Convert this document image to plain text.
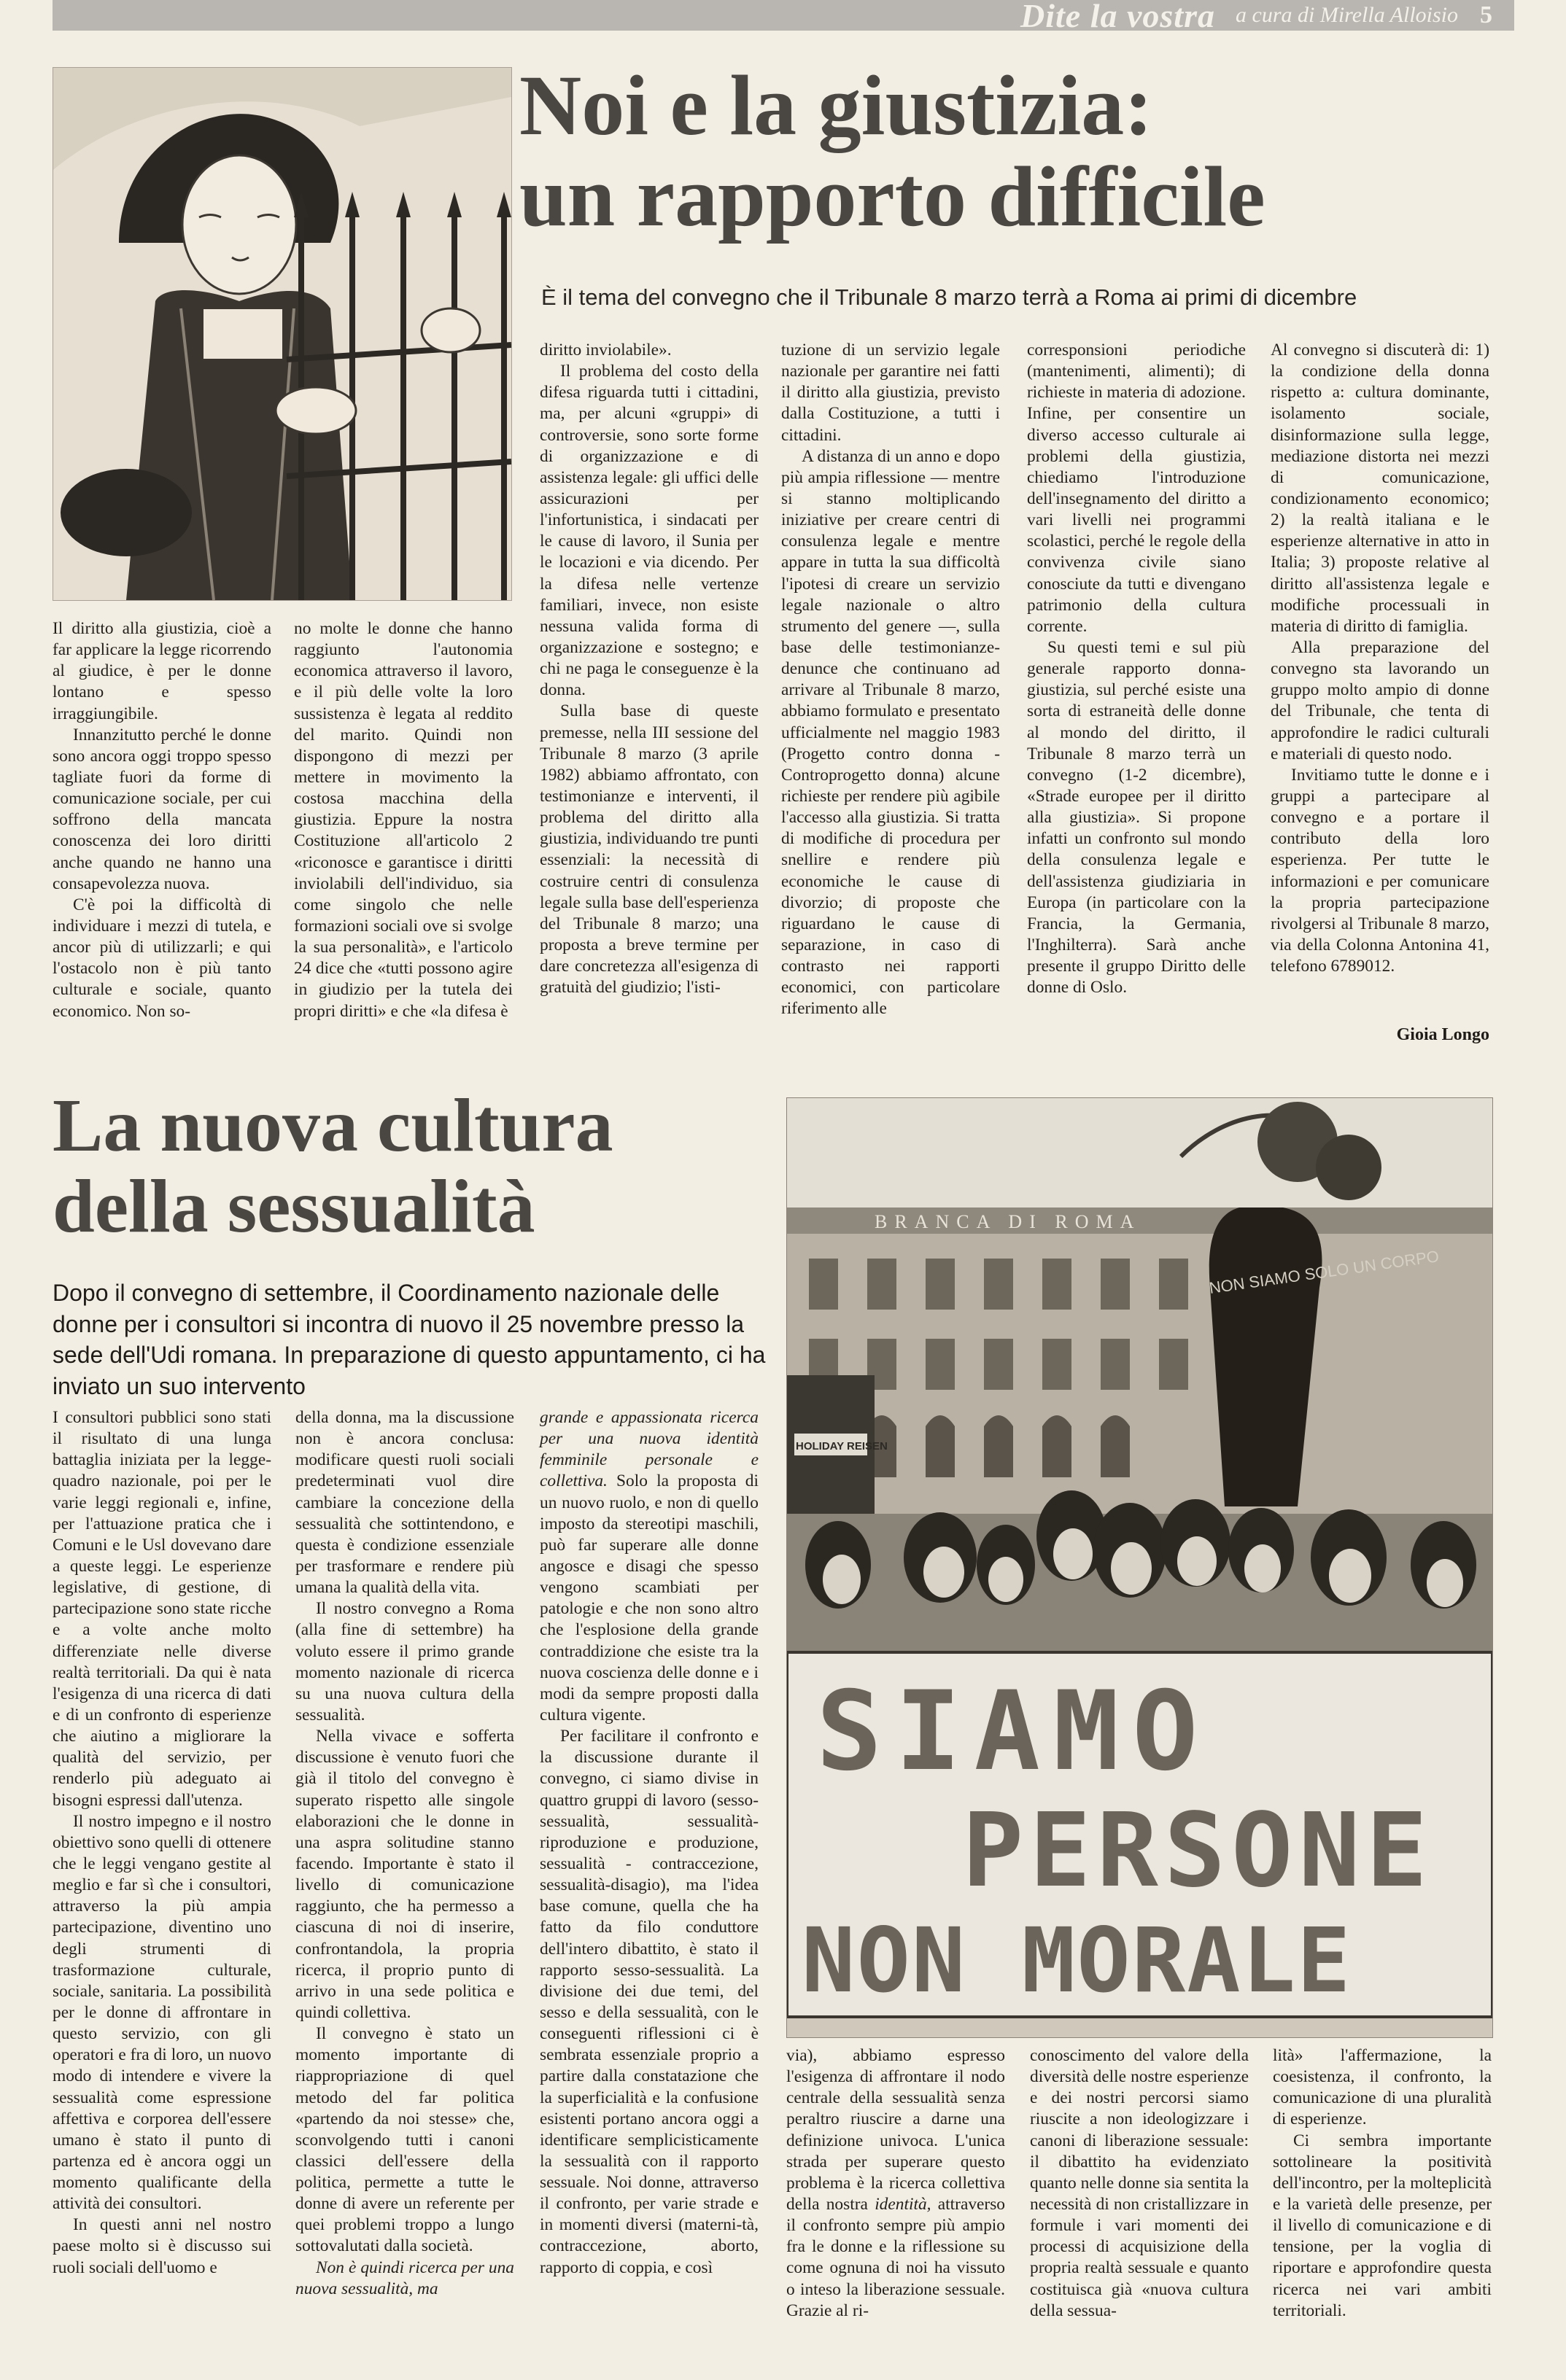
Dite la vostra a cura di Mirella Alloisio 5
Noi e la giustizia:
un rapporto difficile

È il tema del convegno che il Tribunale 8 marzo terrà a Roma ai primi di dicembre

Il diritto alla giustizia, cioè a far applicare la legge ricorrendo al giudice, è per le donne lontano e spesso irraggiungibile.

Innanzitutto perché le donne sono ancora oggi troppo spesso tagliate fuori da forme di comunicazione sociale, per cui soffrono della mancata conoscenza dei loro diritti anche quando ne hanno una consapevolezza nuova.

C'è poi la difficoltà di individuare i mezzi di tutela, e ancor più di utilizzarli; e qui l'ostacolo non è più tanto culturale e sociale, quanto economico. Non so-

no molte le donne che hanno raggiunto l'autonomia economica attraverso il lavoro, e il più delle volte la loro sussistenza è legata al reddito del marito. Quindi non dispongono di mezzi per mettere in movimento la costosa macchina della giustizia. Eppure la nostra Costituzione all'articolo 2 «riconosce e garantisce i diritti inviolabili dell'individuo, sia come singolo che nelle formazioni sociali ove si svolge la sua personalità», e l'articolo 24 dice che «tutti possono agire in giudizio per la tutela dei propri diritti» e che «la difesa è

diritto inviolabile».

Il problema del costo della difesa riguarda tutti i cittadini, ma, per alcuni «gruppi» di controversie, sono sorte forme di organizzazione e di assistenza legale: gli uffici delle assicurazioni per l'infortunistica, i sindacati per le cause di lavoro, il Sunia per le locazioni e via dicendo. Per la difesa nelle vertenze familiari, invece, non esiste nessuna valida forma di organizzazione e sostegno; e chi ne paga le conseguenze è la donna.

Sulla base di queste premesse, nella III sessione del Tribunale 8 marzo (3 aprile 1982) abbiamo affrontato, con testimonianze e interventi, il problema del diritto alla giustizia, individuando tre punti essenziali: la necessità di costruire centri di consulenza legale sulla base dell'esperienza del Tribunale 8 marzo; una proposta a breve termine per dare concretezza all'esigenza di gratuità del giudizio; l'isti-

tuzione di un servizio legale nazionale per garantire nei fatti il diritto alla giustizia, previsto dalla Costituzione, a tutti i cittadini.

A distanza di un anno e dopo più ampia riflessione — mentre si stanno moltiplicando iniziative per creare centri di consulenza legale e mentre appare in tutta la sua difficoltà l'ipotesi di creare un servizio legale nazionale o altro strumento del genere —, sulla base delle testimonianze-denunce che continuano ad arrivare al Tribunale 8 marzo, abbiamo formulato e presentato ufficialmente nel maggio 1983 (Progetto contro donna - Controprogetto donna) alcune richieste per rendere più agibile l'accesso alla giustizia. Si tratta di modifiche di procedura per snellire e rendere più economiche le cause di divorzio; di proposte che riguardano le cause di separazione, in caso di contrasto nei rapporti economici, con particolare riferimento alle

corresponsioni periodiche (mantenimenti, alimenti); di richieste in materia di adozione. Infine, per consentire un diverso accesso culturale ai problemi della giustizia, chiediamo l'introduzione dell'insegnamento del diritto a vari livelli nei programmi scolastici, perché le regole della convivenza civile siano conosciute da tutti e divengano patrimonio della cultura corrente.

Su questi temi e sul più generale rapporto donna-giustizia, sul perché esiste una sorta di estraneità delle donne al mondo del diritto, il Tribunale 8 marzo terrà un convegno (1-2 dicembre), «Strade europee per il diritto alla giustizia». Si propone infatti un confronto sul mondo della consulenza legale e dell'assistenza giudiziaria in Europa (in particolare con la Francia, la Germania, l'Inghilterra). Sarà anche presente il gruppo Diritto delle donne di Oslo.

Al convegno si discuterà di: 1) la condizione della donna rispetto a: cultura dominante, isolamento sociale, disinformazione sulla legge, mediazione distorta nei mezzi di comunicazione, condizionamento economico; 2) la realtà italiana e le esperienze alternative in atto in Italia; 3) proposte relative al diritto all'assistenza legale e modifiche processuali in materia di diritto di famiglia.

Alla preparazione del convegno sta lavorando un gruppo molto ampio di donne del Tribunale, che tenta di approfondire le radici culturali e materiali di questo nodo.

Invitiamo tutte le donne e i gruppi a partecipare al convegno e a portare il contributo della loro esperienza. Per tutte le informazioni e per comunicare la propria partecipazione rivolgersi al Tribunale 8 marzo, via della Colonna Antonina 41, telefono 6789012.

Gioia Longo

La nuova cultura
della sessualità

Dopo il convegno di settembre, il Coordinamento nazionale delle donne per i consultori si incontra di nuovo il 25 novembre presso la sede dell'Udi romana. In preparazione di questo appuntamento, ci ha inviato un suo intervento

BRANCA DI ROMA
HOLIDAY REISEN
NON SIAMO SOLO UN CORPO
SIAMO
PERSONE
NON MORALE

I consultori pubblici sono stati il risultato di una lunga battaglia iniziata per la legge-quadro nazionale, poi per le varie leggi regionali e, infine, per l'attuazione pratica che i Comuni e le Usl dovevano dare a queste leggi. Le esperienze legislative, di gestione, di partecipazione sono state ricche e a volte anche molto differenziate nelle diverse realtà territoriali. Da qui è nata l'esigenza di una ricerca di dati e di un confronto di esperienze che aiutino a migliorare la qualità del servizio, per renderlo più adeguato ai bisogni espressi dall'utenza.

Il nostro impegno e il nostro obiettivo sono quelli di ottenere che le leggi vengano gestite al meglio e far sì che i consultori, attraverso la più ampia partecipazione, diventino uno degli strumenti di trasformazione culturale, sociale, sanitaria. La possibilità per le donne di affrontare in questo servizio, con gli operatori e fra di loro, un nuovo modo di intendere e vivere la sessualità come espressione affettiva e corporea dell'essere umano è stato il punto di partenza ed è ancora oggi un momento qualificante della attività dei consultori.

In questi anni nel nostro paese molto si è discusso sui ruoli sociali dell'uomo e

della donna, ma la discussione non è ancora conclusa: modificare questi ruoli sociali predeterminati vuol dire cambiare la concezione della sessualità che sottintendono, e questa è condizione essenziale per trasformare e rendere più umana la qualità della vita.

Il nostro convegno a Roma (alla fine di settembre) ha voluto essere il primo grande momento nazionale di ricerca su una nuova cultura della sessualità.

Nella vivace e sofferta discussione è venuto fuori che già il titolo del convegno è superato rispetto alle singole elaborazioni che le donne in una aspra solitudine stanno facendo. Importante è stato il livello di comunicazione raggiunto, che ha permesso a ciascuna di noi di inserire, confrontandola, la propria ricerca, il proprio punto di arrivo in una sede politica e quindi collettiva.

Il convegno è stato un momento importante di riappropriazione di quel metodo del far politica «partendo da noi stesse» che, sconvolgendo tutti i canoni classici dell'essere della politica, permette a tutte le donne di avere un referente per quei problemi troppo a lungo sottovalutati dalla società.

Non è quindi ricerca per una nuova sessualità, ma

grande e appassionata ricerca per una nuova identità femminile personale e collettiva. Solo la proposta di un nuovo ruolo, e non di quello imposto da stereotipi maschili, può far superare alle donne angosce e disagi che spesso vengono scambiati per patologie e che non sono altro che l'esplosione della grande contraddizione che esiste tra la nuova coscienza delle donne e i modi da sempre proposti dalla cultura vigente.

Per facilitare il confronto e la discussione durante il convegno, ci siamo divise in quattro gruppi di lavoro (sesso-sessualità, sessualità-riproduzione e produzione, sessualità - contraccezione, sessualità-disagio), ma l'idea base comune, quella che ha fatto da filo conduttore dell'intero dibattito, è stato il rapporto sesso-sessualità. La divisione dei due temi, del sesso e della sessualità, con le conseguenti riflessioni ci è sembrata essenziale proprio a partire dalla constatazione che la superficialità e la confusione esistenti portano ancora oggi a identificare semplicisticamente la sessualità con il rapporto sessuale. Noi donne, attraverso il confronto, per varie strade e in momenti diversi (materni-tà, contraccezione, aborto, rapporto di coppia, e così

via), abbiamo espresso l'esigenza di affrontare il nodo centrale della sessualità senza peraltro riuscire a darne una definizione univoca. L'unica strada per superare questo problema è la ricerca collettiva della nostra identità, attraverso il confronto sempre più ampio fra le donne e la riflessione su come ognuna di noi ha vissuto o inteso la liberazione sessuale. Grazie al ri-

conoscimento del valore della diversità delle nostre esperienze e dei nostri percorsi siamo riuscite a non ideologizzare i canoni di liberazione sessuale: il dibattito ha evidenziato quanto nelle donne sia sentita la necessità di non cristallizzare in formule i vari momenti dei processi di acquisizione della propria realtà sessuale e quanto costituisca già «nuova cultura della sessua-

lità» l'affermazione, la coesistenza, il confronto, la comunicazione di una pluralità di esperienze.

Ci sembra importante sottolineare la positività dell'incontro, per la molteplicità e la varietà delle presenze, per il livello di comunicazione e di tensione, per la voglia di riportare e approfondire questa ricerca nei vari ambiti territoriali.
